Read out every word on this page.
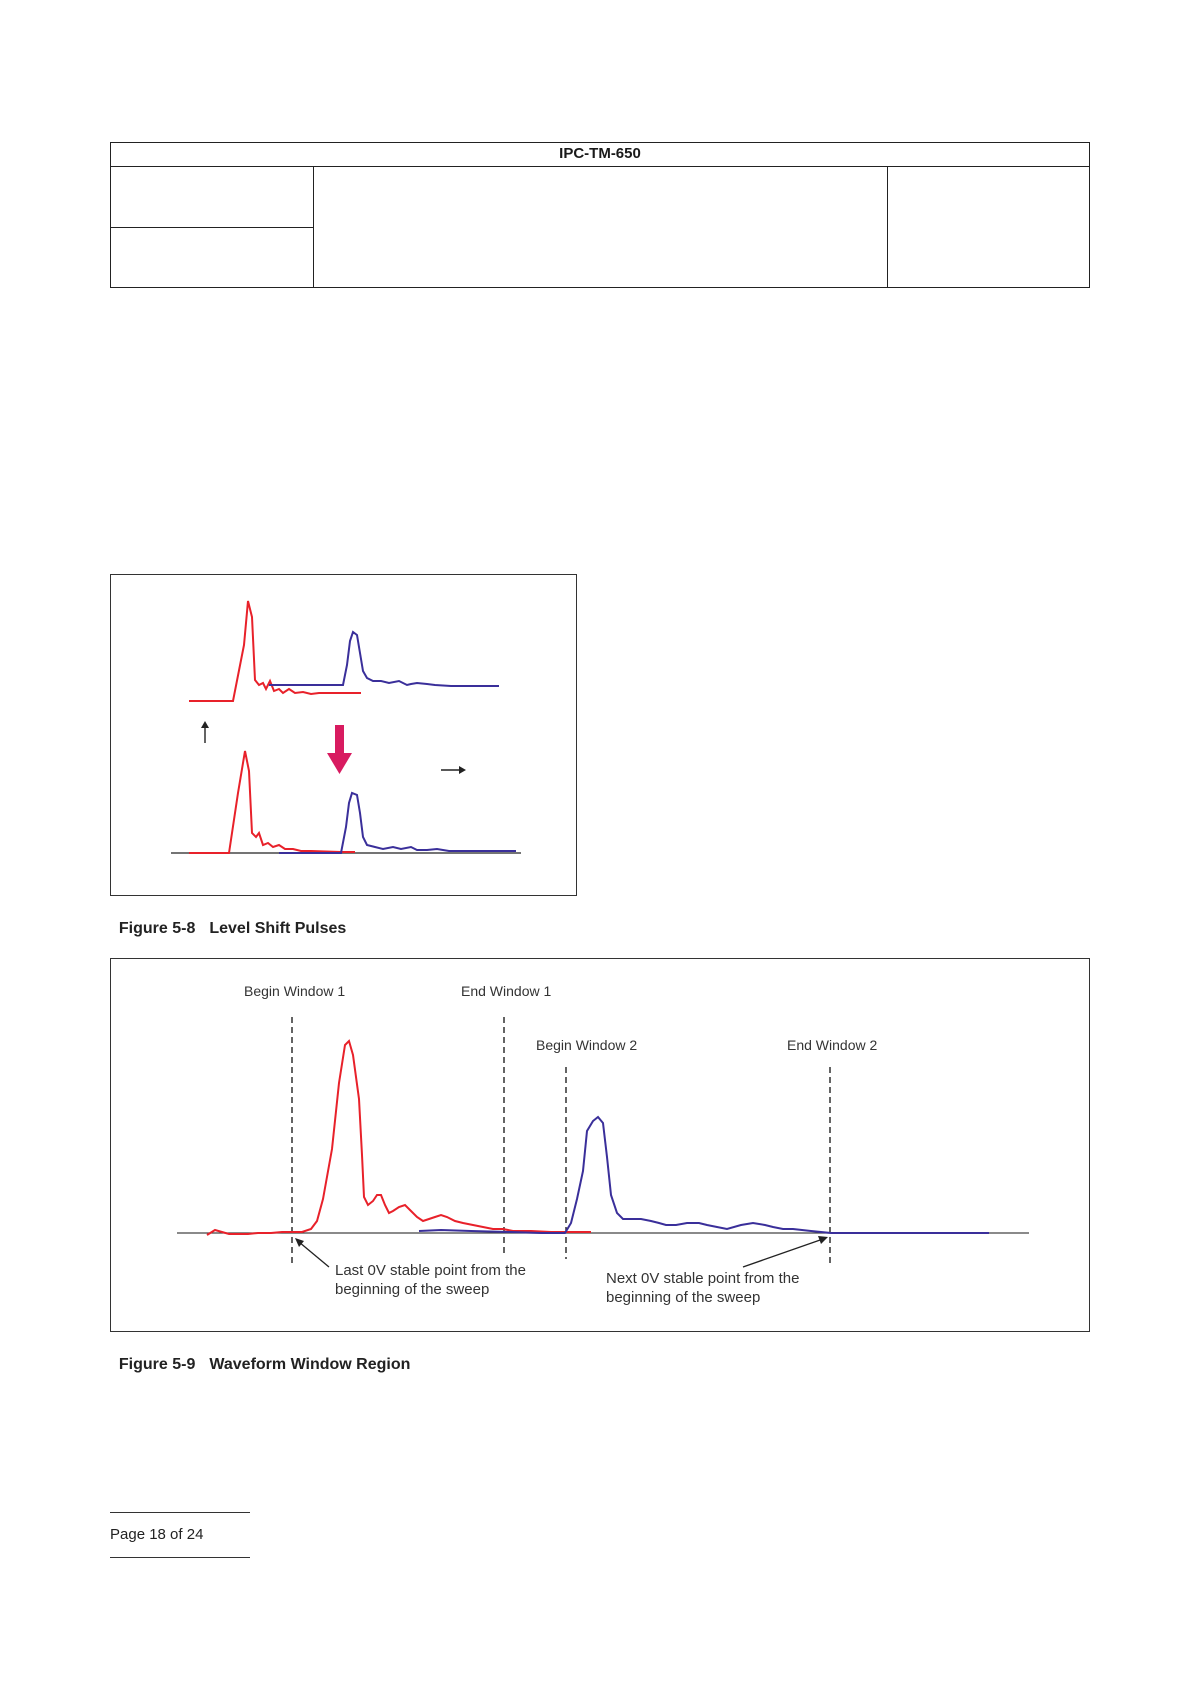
IPC-TM-650

Figure 5-8 Level Shift Pulses

Begin Window 1	End Window 1
Begin Window 2	End Window 2
Last 0V stable point from the
beginning of the sweep
Next 0V stable point from the
beginning of the sweep

Figure 5-9 Waveform Window Region

Page 18 of 24
